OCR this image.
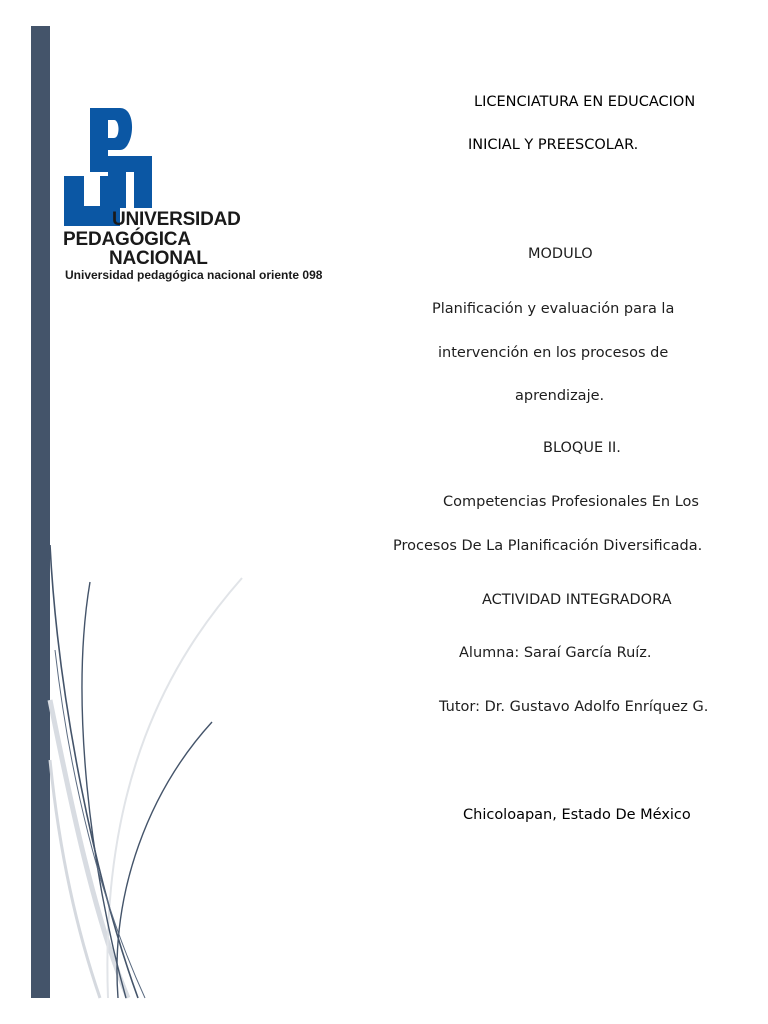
UNIVERSIDAD
PEDAGÓGICA
NACIONAL
Universidad pedagógica nacional oriente 098
LICENCIATURA EN EDUCACION
INICIAL Y PREESCOLAR.
MODULO
Planificación y evaluación para la
intervención en los procesos de
aprendizaje.
BLOQUE II.
Competencias Profesionales En Los
Procesos De La Planificación Diversificada.
ACTIVIDAD INTEGRADORA
Alumna: Saraí García Ruíz.
Tutor: Dr. Gustavo Adolfo Enríquez G.
Chicoloapan, Estado De México
